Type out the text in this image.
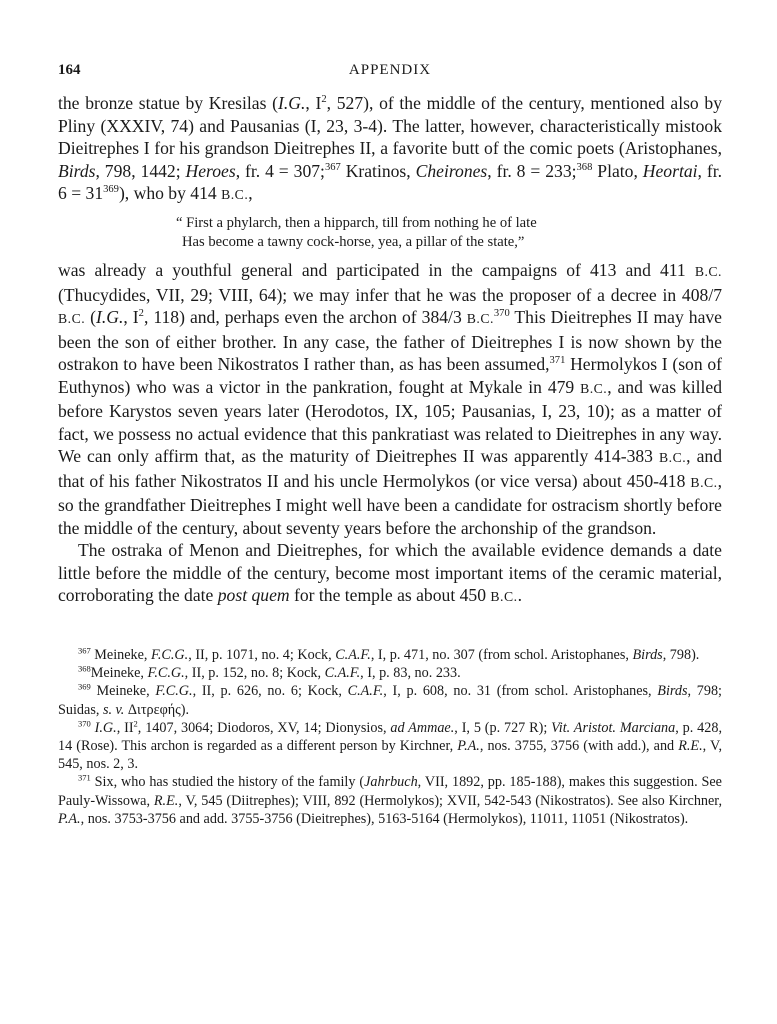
164	APPENDIX

the bronze statue by Kresilas (I.G., $I^2$, 527), of the middle of the century, mentioned also by Pliny (XXXIV, 74) and Pausanias (I, 23, 3-4). The latter, however, characteristically mistook Dieitrephes I for his grandson Dieitrephes II, a favorite butt of the comic poets (Aristophanes, Birds, 798, 1442; Heroes, fr. 4 = 307;$^{367}$ Kratinos, Cheirones, fr. 8 = 233;$^{368}$ Plato, Heortai, fr. $6 = 31^{369}$), who by 414 B.C.,

“ First a phylarch, then a hipparch, till from nothing he of late
Has become a tawny cock-horse, yea, a pillar of the state,”

was already a youthful general and participated in the campaigns of 413 and 411 B.C. (Thucydides, VII, 29; VIII, 64); we may infer that he was the proposer of a decree in 408/7 B.C. (I.G., $I^2$, 118) and, perhaps even the archon of 384/3 B.C.$^{370}$ This Dieitrephes II may have been the son of either brother. In any case, the father of Dieitrephes I is now shown by the ostrakon to have been Nikostratos I rather than, as has been assumed,$^{371}$ Hermolykos I (son of Euthynos) who was a victor in the pankration, fought at Mykale in 479 B.C., and was killed before Karystos seven years later (Herodotos, IX, 105; Pausanias, I, 23, 10); as a matter of fact, we possess no actual evidence that this pankratiast was related to Dieitrephes in any way. We can only affirm that, as the maturity of Dieitrephes II was apparently 414-383 B.C., and that of his father Nikostratos II and his uncle Hermolykos (or vice versa) about 450-418 B.C., so the grandfather Dieitrephes I might well have been a candidate for ostracism shortly before the middle of the century, about seventy years before the archonship of the grandson.

The ostraka of Menon and Dieitrephes, for which the available evidence demands a date little before the middle of the century, become most important items of the ceramic material, corroborating the date post quem for the temple as about 450 B.C..

$^{367}$ Meineke, F.C.G., II, p. 1071, no. 4; Kock, C.A.F., I, p. 471, no. 307 (from schol. Aristophanes, Birds, 798).

$^{368}$Meineke, F.C.G., II, p. 152, no. 8; Kock, C.A.F., I, p. 83, no. 233.

$^{369}$ Meineke, F.C.G., II, p. 626, no. 6; Kock, C.A.F., I, p. 608, no. 31 (from schol. Aristophanes, Birds, 798; Suidas, s. v. Διτρεφής).

$^{370}$ I.G., $II^2$, 1407, 3064; Diodoros, XV, 14; Dionysios, ad Ammae., I, 5 (p. 727 R); Vit. Aristot. Marciana, p. 428, 14 (Rose). This archon is regarded as a different person by Kirchner, P.A., nos. 3755, 3756 (with add.), and R.E., V, 545, nos. 2, 3.

$^{371}$ Six, who has studied the history of the family (Jahrbuch, VII, 1892, pp. 185-188), makes this suggestion. See Pauly-Wissowa, R.E., V, 545 (Diitrephes); VIII, 892 (Hermolykos); XVII, 542-543 (Nikostratos). See also Kirchner, P.A., nos. 3753-3756 and add. 3755-3756 (Dieitrephes), 5163-5164 (Hermolykos), 11011, 11051 (Nikostratos).
